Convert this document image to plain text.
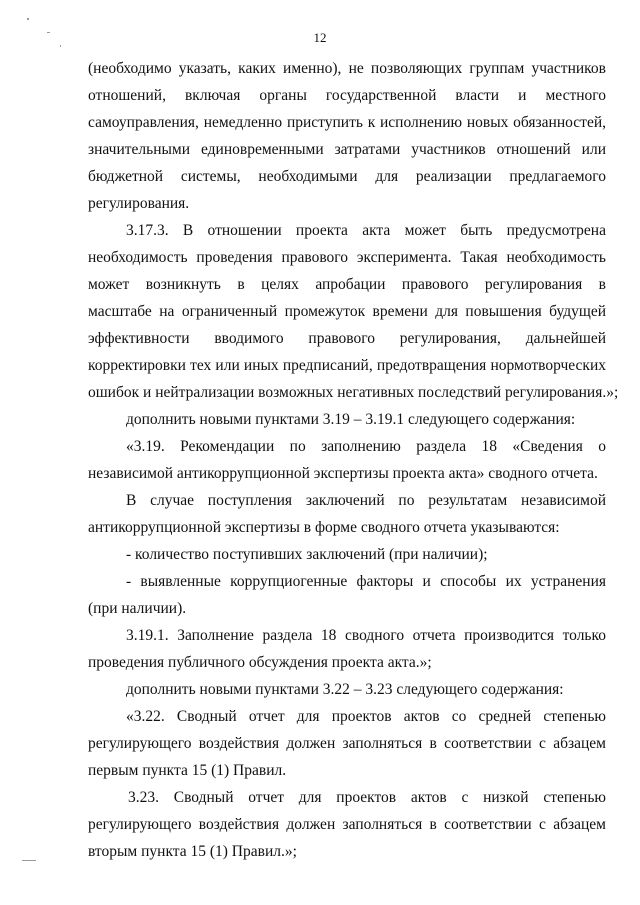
12
(необходимо указать, каких именно), не позволяющих группам участников
отношений, включая органы государственной власти и местного
самоуправления, немедленно приступить к исполнению новых обязанностей,
значительными единовременными затратами участников отношений или
бюджетной системы, необходимыми для реализации предлагаемого
регулирования.
3.17.3. В отношении проекта акта может быть предусмотрена
необходимость проведения правового эксперимента. Такая необходимость
может возникнуть в целях апробации правового регулирования в
масштабе на ограниченный промежуток времени для повышения будущей
эффективности вводимого правового регулирования, дальнейшей
корректировки тех или иных предписаний, предотвращения нормотворческих
ошибок и нейтрализации возможных негативных последствий регулирования.»;
дополнить новыми пунктами 3.19 – 3.19.1 следующего содержания:
«3.19. Рекомендации по заполнению раздела 18 «Сведения о
независимой антикоррупционной экспертизы проекта акта» сводного отчета.
В случае поступления заключений по результатам независимой
антикоррупционной экспертизы в форме сводного отчета указываются:
- количество поступивших заключений (при наличии);
- выявленные коррупциогенные факторы и способы их устранения
(при наличии).
3.19.1. Заполнение раздела 18 сводного отчета производится только
проведения публичного обсуждения проекта акта.»;
дополнить новыми пунктами 3.22 – 3.23 следующего содержания:
«3.22. Сводный отчет для проектов актов со средней степенью
регулирующего воздействия должен заполняться в соответствии с абзацем
первым пункта 15 (1) Правил.
3.23. Сводный отчет для проектов актов с низкой степенью
регулирующего воздействия должен заполняться в соответствии с абзацем
вторым пункта 15 (1) Правил.»;
